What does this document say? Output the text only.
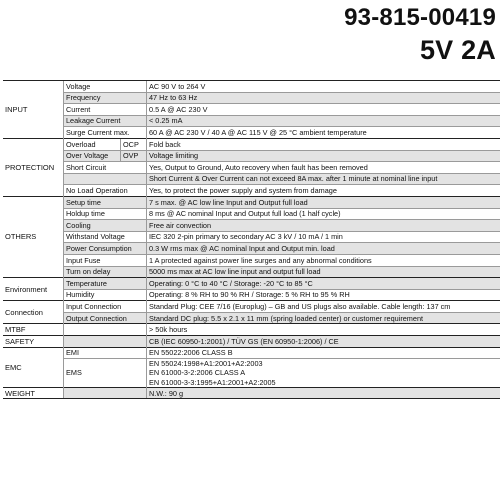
93-815-00419
5V 2A
INPUT	Voltage		AC 90 V to 264 V
	Frequency		47 Hz to 63 Hz
	Current		0.5 A @ AC 230 V
	Leakage Current		< 0.25 mA
	Surge Current max.		60 A @ AC 230 V / 40 A @ AC 115 V @ 25 °C ambient temperature
PROTECTION	Overload	OCP	Fold back
	Over Voltage	OVP	Voltage limiting
	Short Circuit		Yes, Output to Ground, Auto recovery when fault has been removed
			Short Current & Over Current can not exceed 8A max. after 1 minute at nominal line input
	No Load Operation		Yes, to protect the power supply and system from damage
OTHERS	Setup time		7 s max. @ AC low line Input and Output full load
	Holdup time		8 ms @ AC nominal Input and Output full load (1 half cycle)
	Cooling		Free air convection
	Withstand Voltage		IEC 320 2-pin primary to secondary AC 3 kV / 10 mA / 1 min
	Power Consumption		0.3 W rms max @ AC nominal Input and Output min. load
	Input Fuse		1 A protected against power line surges and any abnormal conditions
	Turn on delay		5000 ms max at AC low line input and output full load
Environment	Temperature		Operating: 0 °C to 40 °C / Storage: -20 °C to 85 °C
	Humidity		Operating: 8 % RH to 90 % RH / Storage: 5 % RH to 95 % RH
Connection	Input Connection		Standard Plug: CEE 7/16 (Europlug) – GB and US plugs also available. Cable length: 137 cm
	Output Connection		Standard DC plug: 5.5 x 2.1 x 11 mm (spring loaded center) or customer requirement
MTBF			> 50k hours
SAFETY			CB (IEC 60950-1:2001) / TÜV GS (EN 60950-1:2006) / CE
EMC	EMI		EN 55022:2006 CLASS B
	EMS		EN 55024:1998+A1:2001+A2:2003
EN 61000-3-2:2006 CLASS A
EN 61000-3-3:1995+A1:2001+A2:2005

WEIGHT			N.W.: 90 g
